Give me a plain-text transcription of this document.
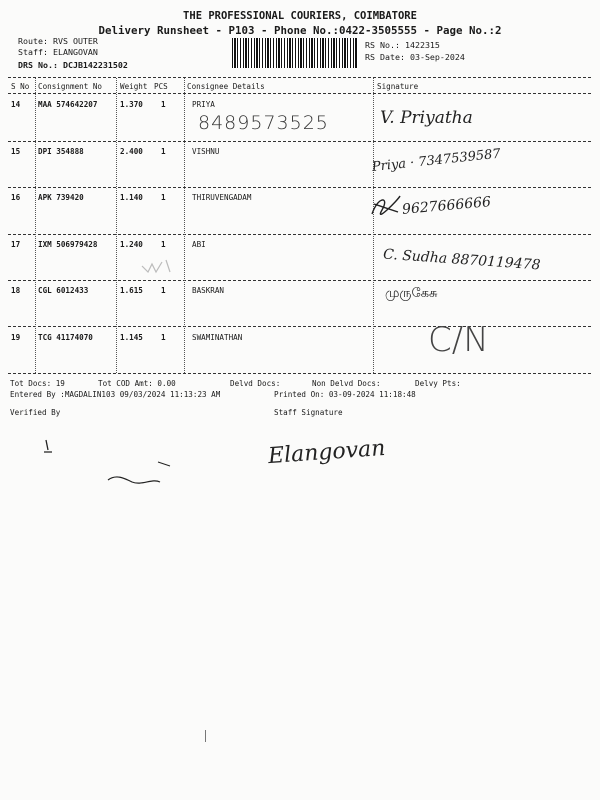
THE PROFESSIONAL COURIERS, COIMBATORE
Delivery Runsheet - P103 - Phone No.:0422-3505555 - Page No.:2
Route: RVS OUTER
Staff: ELANGOVAN
DRS No.: DCJB142231502
RS No.: 1422315
RS Date: 03-Sep-2024
S No Consignment No Weight PCS	Consignee Details	Signature
14 MAA 574642207	1.370 1	PRIYA
8489573525	V. Priyatha
15 DPI 354888	2.400 1	VISHNU	Priya · 7347539587
16 APK 739420	1.140 1	THIRUVENGADAM	9627666666
17 IXM 506979428	1.240 1	ABI
C. Sudha 8870119478
18 CGL 6012433	1.615 1	BASKRAN	முருகேசு
19 TCG 41174070	1.145 1	SWAMINATHAN	C/N
Tot Docs: 19	Tot COD Amt: 0.00	Delvd Docs:	Non Delvd Docs:	Delvy Pts:
Entered By :MAGDALIN103 09/03/2024 11:13:23 AM	Printed On: 03-09-2024 11:18:48
Verified By	Staff Signature
Elangovan
